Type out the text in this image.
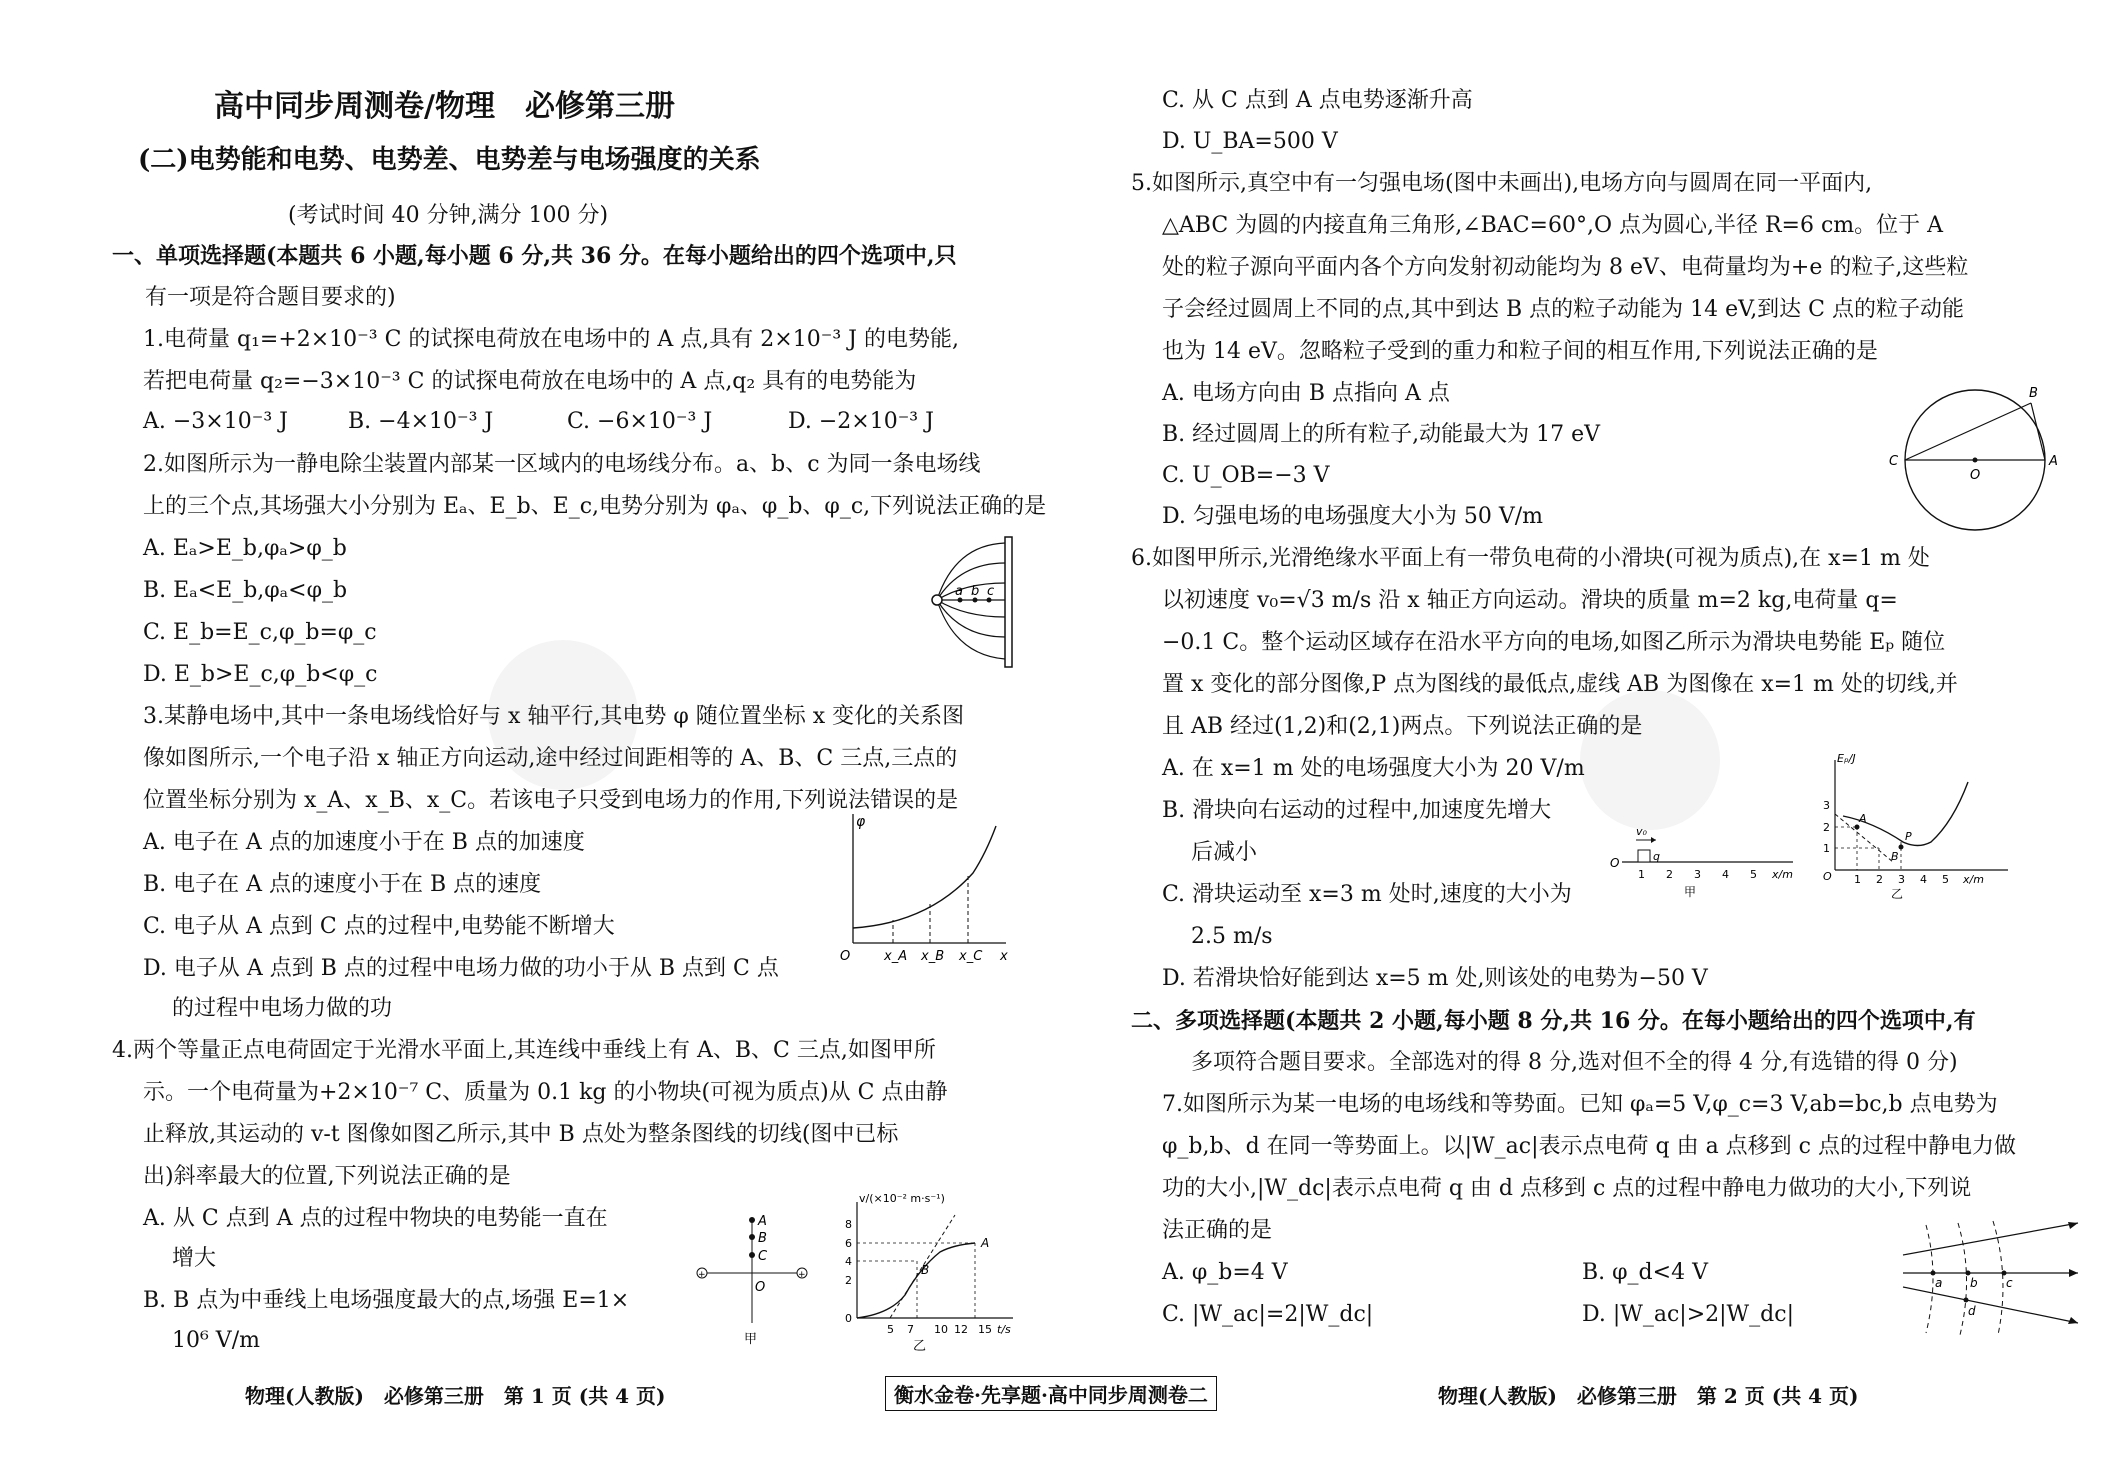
高中同步周测卷/物理　必修第三册
(二)电势能和电势、电势差、电势差与电场强度的关系
(考试时间 40 分钟,满分 100 分)
一、单项选择题(本题共 6 小题,每小题 6 分,共 36 分。在每小题给出的四个选项中,只
有一项是符合题目要求的)
1.电荷量 q₁=+2×10⁻³ C 的试探电荷放在电场中的 A 点,具有 2×10⁻³ J 的电势能,
若把电荷量 q₂=−3×10⁻³ C 的试探电荷放在电场中的 A 点,q₂ 具有的电势能为
A. −3×10⁻³ J	B. −4×10⁻³ J	C. −6×10⁻³ J	D. −2×10⁻³ J
2.如图所示为一静电除尘装置内部某一区域内的电场线分布。a、b、c 为同一条电场线
上的三个点,其场强大小分别为 Eₐ、E_b、E_c,电势分别为 φₐ、φ_b、φ_c,下列说法正确的是
A. Eₐ>E_b,φₐ>φ_b
B. Eₐ<E_b,φₐ<φ_b
C. E_b=E_c,φ_b=φ_c
D. E_b>E_c,φ_b<φ_c
a b c
3.某静电场中,其中一条电场线恰好与 x 轴平行,其电势 φ 随位置坐标 x 变化的关系图
像如图所示,一个电子沿 x 轴正方向运动,途中经过间距相等的 A、B、C 三点,三点的
位置坐标分别为 x_A、x_B、x_C。若该电子只受到电场力的作用,下列说法错误的是
A. 电子在 A 点的加速度小于在 B 点的加速度
B. 电子在 A 点的速度小于在 B 点的速度
C. 电子从 A 点到 C 点的过程中,电势能不断增大
D. 电子从 A 点到 B 点的过程中电场力做的功小于从 B 点到 C 点
的过程中电场力做的功
φ
O	x_A x_B x_C x
4.两个等量正点电荷固定于光滑水平面上,其连线中垂线上有 A、B、C 三点,如图甲所
示。一个电荷量为+2×10⁻⁷ C、质量为 0.1 kg 的小物块(可视为质点)从 C 点由静
止释放,其运动的 v-t 图像如图乙所示,其中 B 点处为整条图线的切线(图中已标
出)斜率最大的位置,下列说法正确的是
A. 从 C 点到 A 点的过程中物块的电势能一直在
增大
B. B 点为中垂线上电场强度最大的点,场强 E=1×
10⁶ V/m
+	+
A
B
C
O
甲
v/(×10⁻² m·s⁻¹)
8
6
4
2
0
5 7 10 12 15 t/s
A
B
乙
物理(人教版)　必修第三册　第 1 页 (共 4 页)	衡水金卷·先享题·高中同步周测卷二
C. 从 C 点到 A 点电势逐渐升高
D. U_BA=500 V
5.如图所示,真空中有一匀强电场(图中未画出),电场方向与圆周在同一平面内,
△ABC 为圆的内接直角三角形,∠BAC=60°,O 点为圆心,半径 R=6 cm。位于 A
处的粒子源向平面内各个方向发射初动能均为 8 eV、电荷量均为+e 的粒子,这些粒
子会经过圆周上不同的点,其中到达 B 点的粒子动能为 14 eV,到达 C 点的粒子动能
也为 14 eV。忽略粒子受到的重力和粒子间的相互作用,下列说法正确的是
A. 电场方向由 B 点指向 A 点
B. 经过圆周上的所有粒子,动能最大为 17 eV
C. U_OB=−3 V
D. 匀强电场的电场强度大小为 50 V/m
B
A
C
O
6.如图甲所示,光滑绝缘水平面上有一带负电荷的小滑块(可视为质点),在 x=1 m 处
以初速度 v₀=√3 m/s 沿 x 轴正方向运动。滑块的质量 m=2 kg,电荷量 q=
−0.1 C。整个运动区域存在沿水平方向的电场,如图乙所示为滑块电势能 Eₚ 随位
置 x 变化的部分图像,P 点为图线的最低点,虚线 AB 为图像在 x=1 m 处的切线,并
且 AB 经过(1,2)和(2,1)两点。下列说法正确的是
A. 在 x=1 m 处的电场强度大小为 20 V/m
B. 滑块向右运动的过程中,加速度先增大
后减小
C. 滑块运动至 x=3 m 处时,速度的大小为
2.5 m/s
D. 若滑块恰好能到达 x=5 m 处,则该处的电势为−50 V
v₀
q
O
1 2 3 4 5 x/m
甲
Eₚ/J
3
2
1
O 1 2 3 4 5 x/m
A
B
P
乙
二、多项选择题(本题共 2 小题,每小题 8 分,共 16 分。在每小题给出的四个选项中,有
多项符合题目要求。全部选对的得 8 分,选对但不全的得 4 分,有选错的得 0 分)
7.如图所示为某一电场的电场线和等势面。已知 φₐ=5 V,φ_c=3 V,ab=bc,b 点电势为
φ_b,b、d 在同一等势面上。以|W_ac|表示点电荷 q 由 a 点移到 c 点的过程中静电力做
功的大小,|W_dc|表示点电荷 q 由 d 点移到 c 点的过程中静电力做功的大小,下列说
法正确的是
A. φ_b=4 V	B. φ_d<4 V
C. |W_ac|=2|W_dc|	D. |W_ac|>2|W_dc|
a b c
d
物理(人教版)　必修第三册　第 2 页 (共 4 页)
